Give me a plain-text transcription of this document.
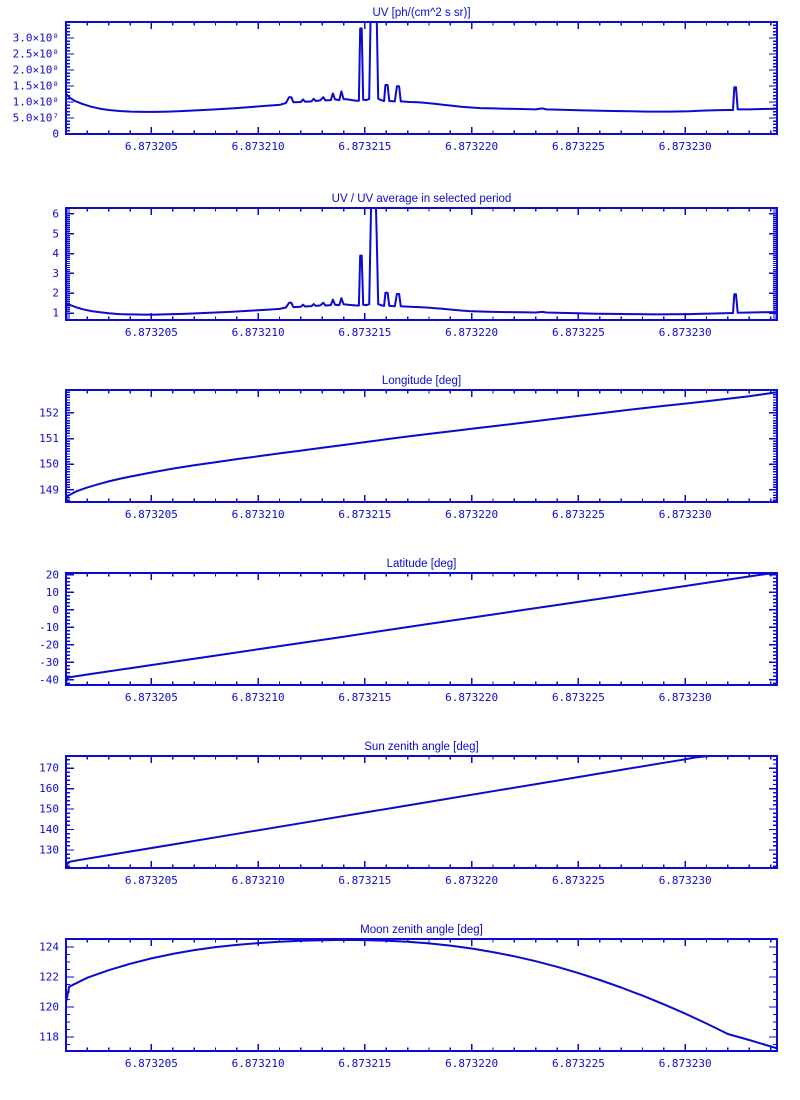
UV [ph/(cm^2 s sr)]
6.873205	6.873210	6.873215	6.873220	6.873225	6.873230
0
5.0×10⁷
1.0×10⁸
1.5×10⁸
2.0×10⁸
2.5×10⁸
3.0×10⁸
UV / UV average in selected period
6.873205	6.873210	6.873215	6.873220	6.873225	6.873230
1
2
3
4
5
6
Longitude [deg]
6.873205	6.873210	6.873215	6.873220	6.873225	6.873230
149
150
151
152
Latitude [deg]
6.873205	6.873210	6.873215	6.873220	6.873225	6.873230
-40
-30
-20
-10
0
10
20
Sun zenith angle [deg]
6.873205	6.873210	6.873215	6.873220	6.873225	6.873230
130
140
150
160
170
Moon zenith angle [deg]
6.873205	6.873210	6.873215	6.873220	6.873225	6.873230
118
120
122
124
